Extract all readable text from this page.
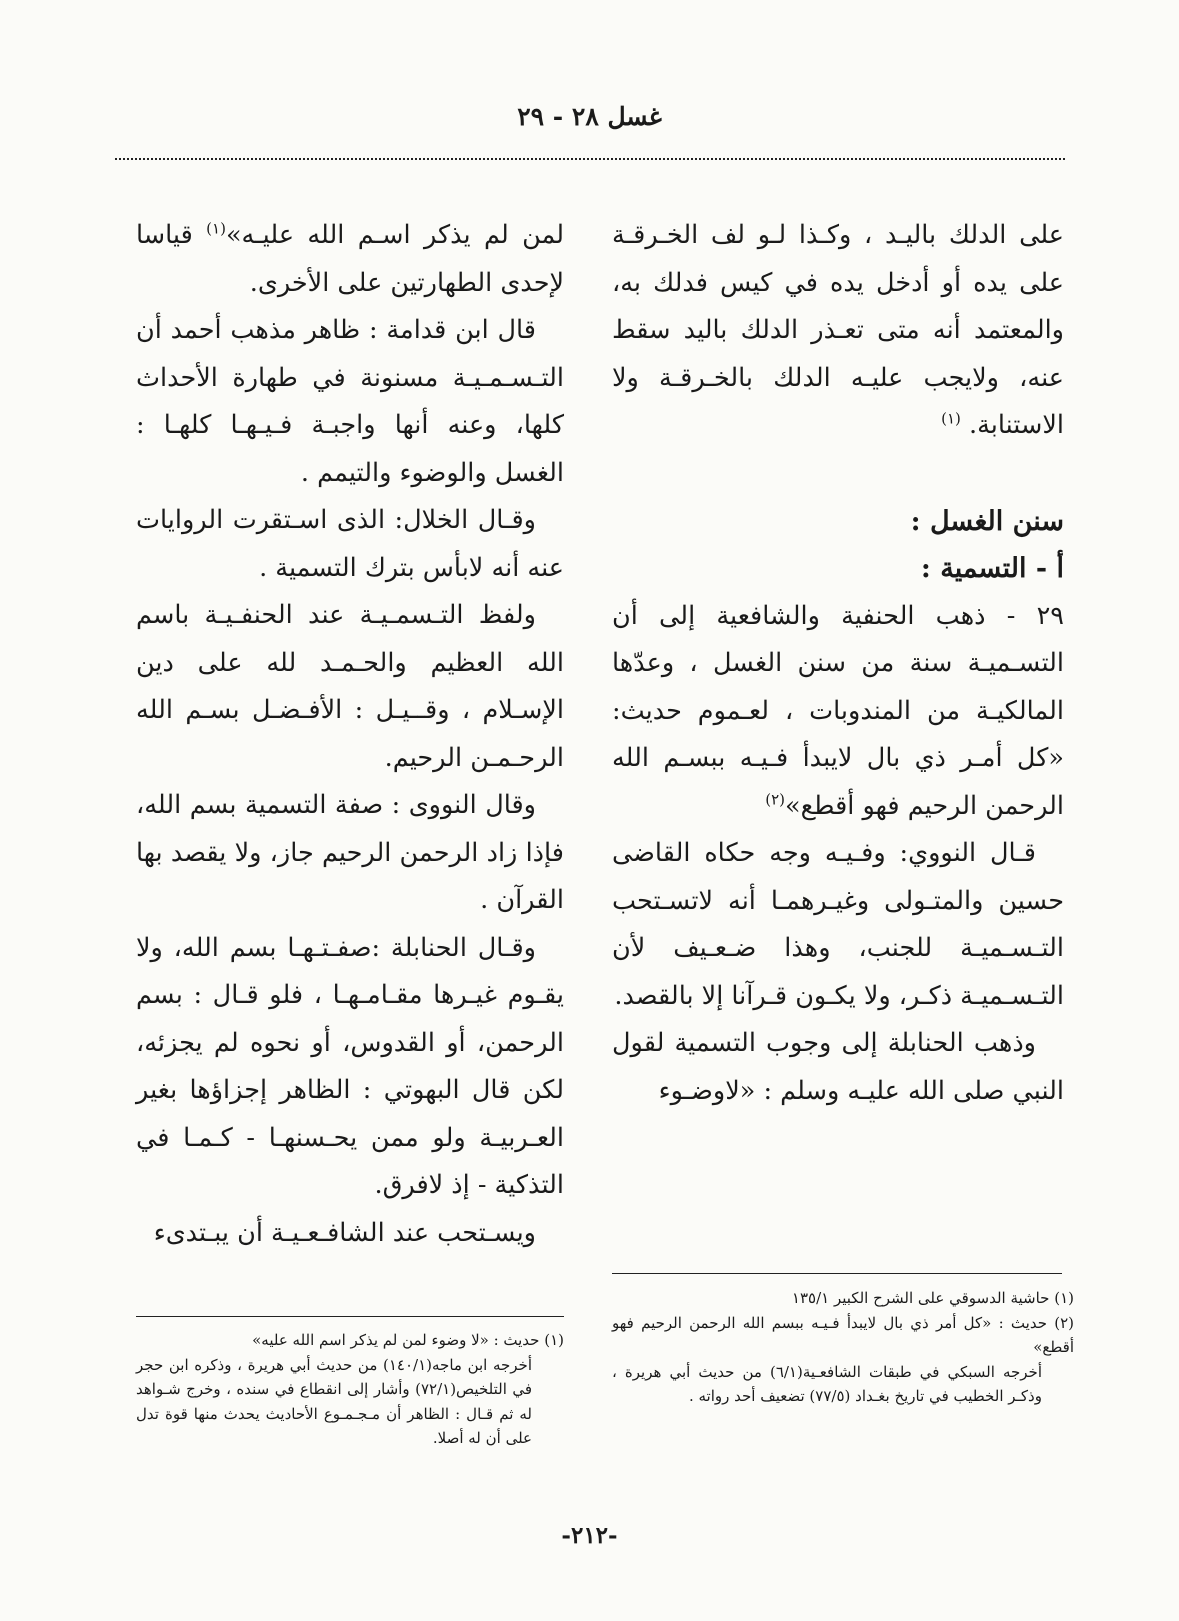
غسل ٢٨ - ٢٩

على الدلك باليـد ، وكـذا لـو لف الخـرقـة على يده أو أدخل يده في كيس فدلك به، والمعتمد أنه متى تعـذر الدلك باليد سقط عنه، ولايجب عليـه الدلك بالخـرقـة ولا الاستنابة. $^{(١)}$

سنن الغسل :

أ - التسمية :

٢٩ - ذهب الحنفية والشافعية إلى أن التسـميـة سنة من سنن الغسل ، وعدّها المالكيـة من المندوبات ، لعـموم حديث: «كل أمـر ذي بال لايبدأ فـيـه ببسـم الله الرحمن الرحيم فهو أقطع»$^{(٢)}$

قـال النووي: وفـيـه وجه حكاه القاضى حسين والمتـولى وغيـرهمـا أنه لاتسـتحب التـسـميـة للجنب، وهذا ضـعـيف لأن التـسـميـة ذكـر، ولا يكـون قـرآنا إلا بالقصد.

وذهب الحنابلة إلى وجوب التسمية لقول النبي صلى الله عليـه وسلم : «لاوضـوء

لمن لم يذكر اسـم الله عليـه»$^{(١)}$ قياسا لإحدى الطهارتين على الأخرى.

قال ابن قدامة : ظاهر مذهب أحمد أن التـسـمـيـة مسنونة في طهارة الأحداث كلها، وعنه أنها واجبـة فـيـهـا كلهـا : الغسل والوضوء والتيمم .

وقـال الخلال: الذى اسـتقرت الروايات عنه أنه لابأس بترك التسمية .

ولفظ التـسمـيـة عند الحنفـيـة باسم الله العظيم والحـمـد لله على دين الإسـلام ، وقــيـل : الأفـضـل بسـم الله الرحـمـن الرحيم.

وقال النووى : صفة التسمية بسم الله، فإذا زاد الرحمن الرحيم جاز، ولا يقصد بها القرآن .

وقـال الحنابلة :صفـتـهـا بسم الله، ولا يقـوم غيـرها مقـامـهـا ، فلو قـال : بسم الرحمن، أو القدوس، أو نحوه لم يجزئه، لكن قال البهوتي : الظاهر إجزاؤها بغير العـربيـة ولو ممن يحـسنهـا - كـمـا في التذكية - إذ لافرق.

ويسـتحب عند الشافـعـيـة أن يبـتدىء

(١) حاشية الدسوقي على الشرح الكبير ١٣٥/١

(٢) حديث : «كل أمر ذي بال لايبدأ فـيـه ببسم الله الرحمن الرحيم فهو أقطع»

أخرجه السبكي في طبقات الشافعـية(٦/١) من حديث أبي هريرة ، وذكـر الخطيب في تاريخ بغـداد (٧٧/٥) تضعيف أحد رواته .

(١) حديث : «لا وضوء لمن لم يذكر اسم الله عليه»

أخرجه ابن ماجه(١٤٠/١) من حديث أبي هريرة ، وذكره ابن حجر في التلخيص(٧٢/١) وأشار إلى انقطاع في سنده ، وخرج شـواهد له ثم قـال : الظاهر أن مـجـمـوع الأحاديث يحدث منها قوة تدل على أن له أصلا.

-٢١٢-
